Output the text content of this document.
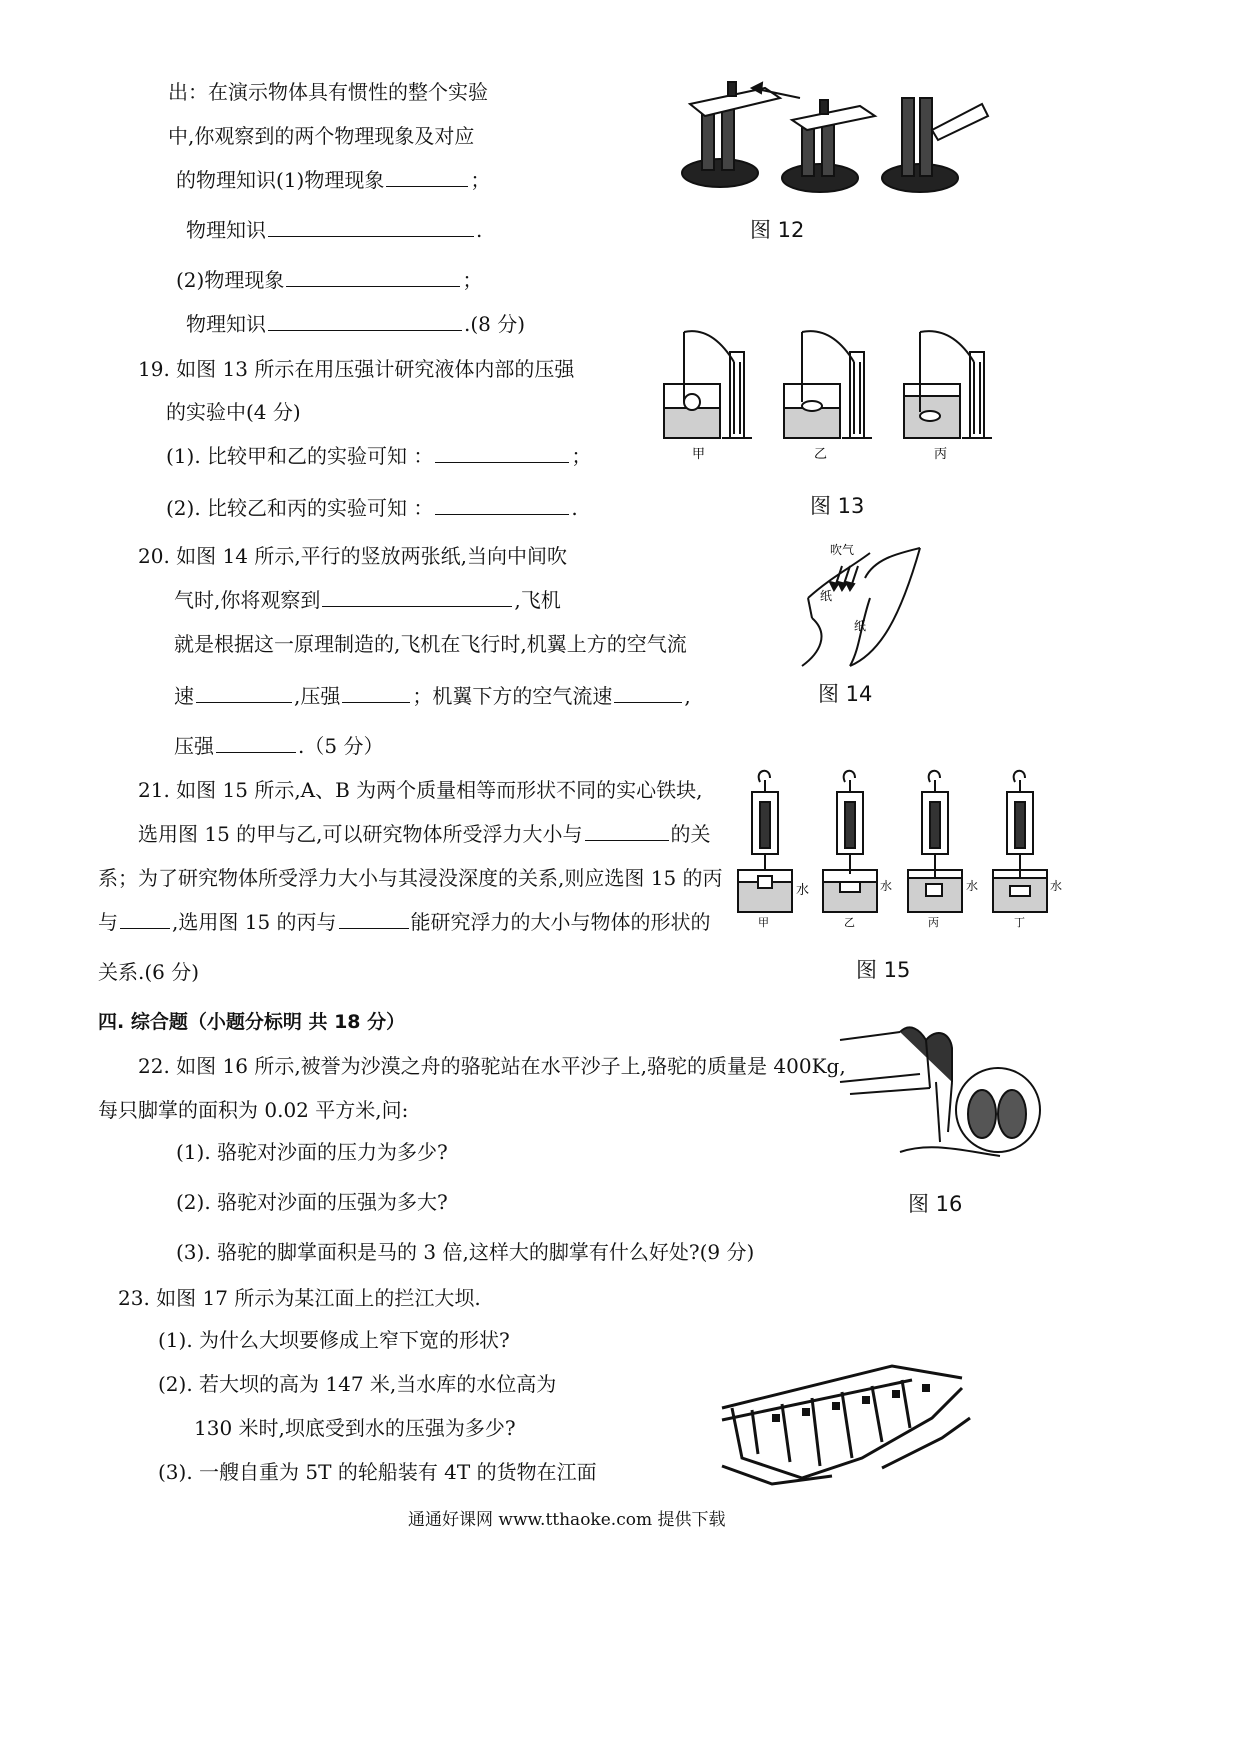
出：在演示物体具有惯性的整个实验
中,你观察到的两个物理现象及对应
的物理知识(1)物理现象	；
物理知识	.
(2)物理现象	；
物理知识	.(8 分)
图 12
19. 如图 13 所示在用压强计研究液体内部的压强
的实验中(4 分)
(1). 比较甲和乙的实验可知 ：	；
(2). 比较乙和丙的实验可知 ：	.
甲	乙	丙
图 13
20. 如图 14 所示,平行的竖放两张纸,当向中间吹
气时,你将观察到	,飞机
就是根据这一原理制造的,飞机在飞行时,机翼上方的空气流
速	,压强	；机翼下方的空气流速	,
压强	.（5 分）
吹气
纸
纸
图 14
21. 如图 15 所示,A、B 为两个质量相等而形状不同的实心铁块,
选用图 15 的甲与乙,可以研究物体所受浮力大小与	的关
系；为了研究物体所受浮力大小与其浸没深度的关系,则应选图 15 的丙
与	,选用图 15 的丙与	能研究浮力的大小与物体的形状的
关系.(6 分)
水	水	水	水
甲	乙	丙	丁
图 15
四. 综合题（小题分标明 共 18 分）
22. 如图 16 所示,被誉为沙漠之舟的骆驼站在水平沙子上,骆驼的质量是 400Kg,
每只脚掌的面积为 0.02 平方米,问:
(1). 骆驼对沙面的压力为多少?
(2). 骆驼对沙面的压强为多大?
(3). 骆驼的脚掌面积是马的 3 倍,这样大的脚掌有什么好处?(9 分)
图 16
23. 如图 17 所示为某江面上的拦江大坝.
(1). 为什么大坝要修成上窄下宽的形状?
(2). 若大坝的高为 147 米,当水库的水位高为
130 米时,坝底受到水的压强为多少?
(3). 一艘自重为 5T 的轮船装有 4T 的货物在江面
通通好课网 www.tthaoke.com 提供下载
